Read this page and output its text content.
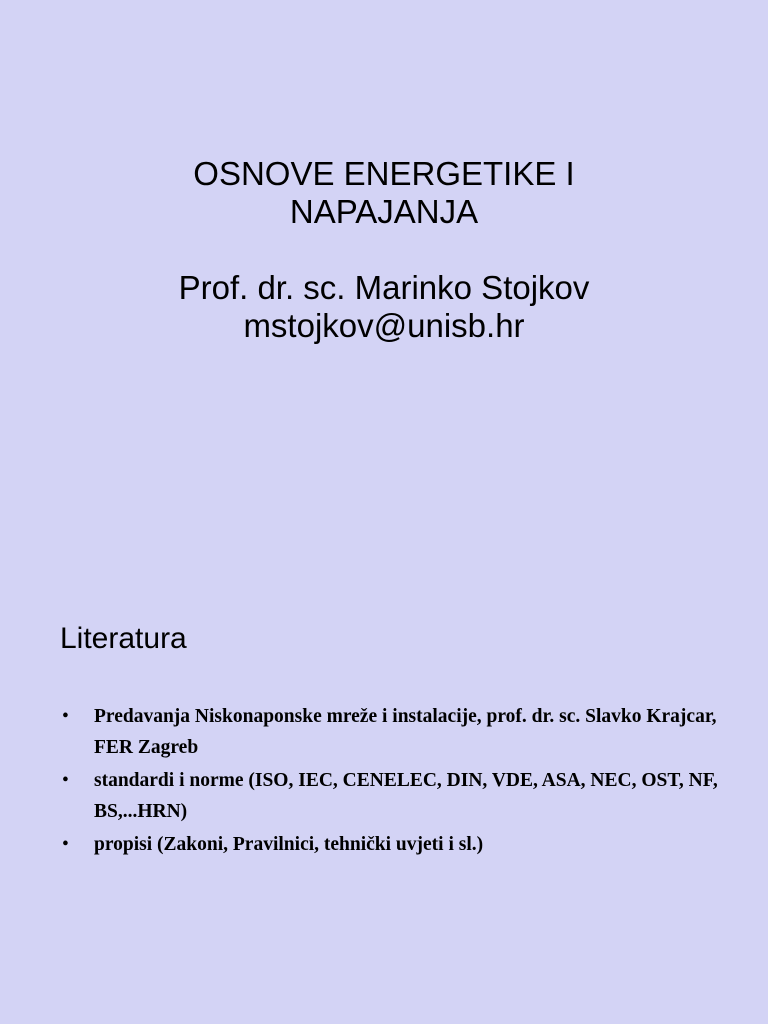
OSNOVE ENERGETIKE I
NAPAJANJA
Prof. dr. sc. Marinko Stojkov
mstojkov@unisb.hr
Literatura
• Predavanja Niskonaponske mreže i instalacije, prof. dr. sc. Slavko Krajcar, FER Zagreb
• standardi i norme (ISO, IEC, CENELEC, DIN, VDE, ASA, NEC, OST, NF, BS,...HRN)
• propisi (Zakoni, Pravilnici, tehnički uvjeti i sl.)
